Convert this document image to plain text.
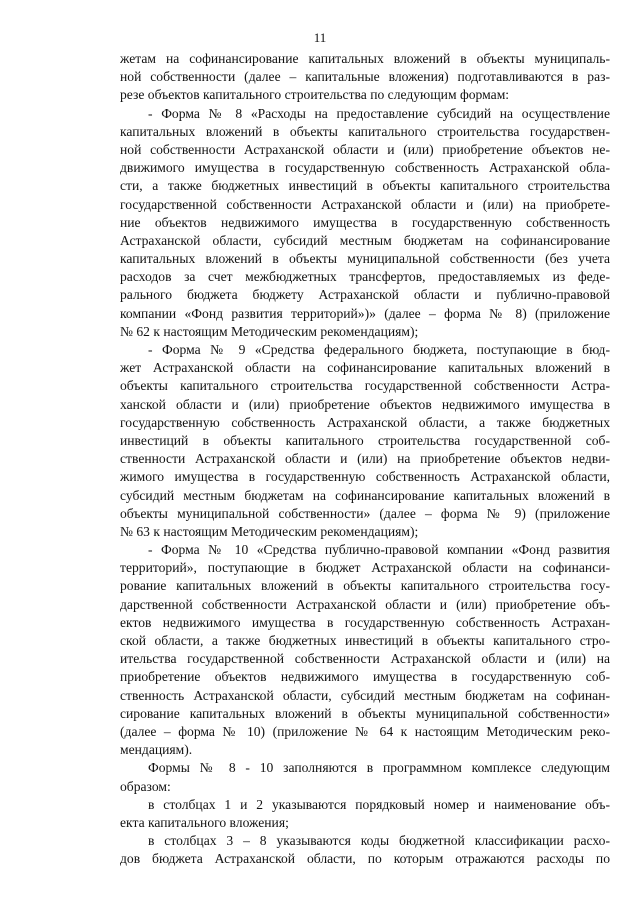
11
жетам на софинансирование капитальных вложений в объекты муниципаль-
ной собственности (далее – капитальные вложения) подготавливаются в раз-
резе объектов капитального строительства по следующим формам:
- Форма № 8 «Расходы на предоставление субсидий на осуществление
капитальных вложений в объекты капитального строительства государствен-
ной собственности Астраханской области и (или) приобретение объектов не-
движимого имущества в государственную собственность Астраханской обла-
сти, а также бюджетных инвестиций в объекты капитального строительства
государственной собственности Астраханской области и (или) на приобрете-
ние объектов недвижимого имущества в государственную собственность
Астраханской области, субсидий местным бюджетам на софинансирование
капитальных вложений в объекты муниципальной собственности (без учета
расходов за счет межбюджетных трансфертов, предоставляемых из феде-
рального бюджета бюджету Астраханской области и публично-правовой
компании «Фонд развития территорий»)» (далее – форма № 8) (приложение
№ 62 к настоящим Методическим рекомендациям);
- Форма № 9 «Средства федерального бюджета, поступающие в бюд-
жет Астраханской области на софинансирование капитальных вложений в
объекты капитального строительства государственной собственности Астра-
ханской области и (или) приобретение объектов недвижимого имущества в
государственную собственность Астраханской области, а также бюджетных
инвестиций в объекты капитального строительства государственной соб-
ственности Астраханской области и (или) на приобретение объектов недви-
жимого имущества в государственную собственность Астраханской области,
субсидий местным бюджетам на софинансирование капитальных вложений в
объекты муниципальной собственности» (далее – форма № 9) (приложение
№ 63 к настоящим Методическим рекомендациям);
- Форма № 10 «Средства публично-правовой компании «Фонд развития
территорий», поступающие в бюджет Астраханской области на софинанси-
рование капитальных вложений в объекты капитального строительства госу-
дарственной собственности Астраханской области и (или) приобретение объ-
ектов недвижимого имущества в государственную собственность Астрахан-
ской области, а также бюджетных инвестиций в объекты капитального стро-
ительства государственной собственности Астраханской области и (или) на
приобретение объектов недвижимого имущества в государственную соб-
ственность Астраханской области, субсидий местным бюджетам на софинан-
сирование капитальных вложений в объекты муниципальной собственности»
(далее – форма № 10) (приложение № 64 к настоящим Методическим реко-
мендациям).
Формы № 8 - 10 заполняются в программном комплексе следующим
образом:
в столбцах 1 и 2 указываются порядковый номер и наименование объ-
екта капитального вложения;
в столбцах 3 – 8 указываются коды бюджетной классификации расхо-
дов бюджета Астраханской области, по которым отражаются расходы по
